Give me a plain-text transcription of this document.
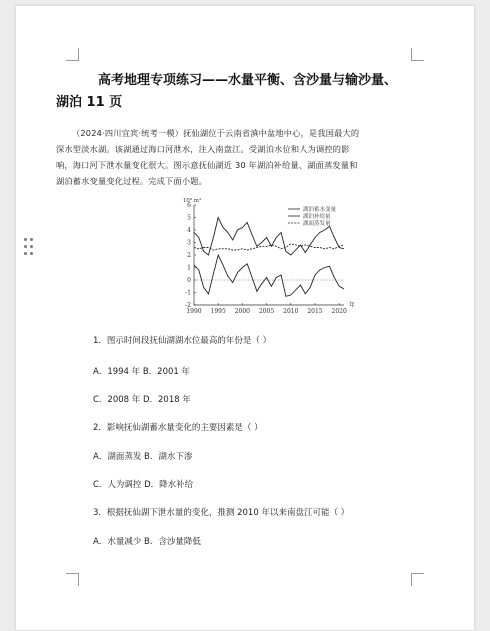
高考地理专项练习——水量平衡、含沙量与输沙量、
湖泊 11 页
（2024·四川宜宾·统考一模）抚仙湖位于云南省滇中盆地中心，是我国最大的
深水型淡水湖。该湖通过海口河泄水，注入南盘江。受湖泊水位和人为调控的影
响，海口河下泄水量变化很大。图示意抚仙湖近 30 年湖泊补给量、湖面蒸发量和
湖泊蓄水变量变化过程。完成下面小题。
-2
-1
0
1
2
3
4
5
6
1990 1995 2000 2005 2010 2015 2020
10⁸ m³
年
湖泊蓄水变量
湖泊补给量
湖面蒸发量
1．图示时间段抚仙湖湖水位最高的年份是（ ）
A．1994 年 B．2001 年
C．2008 年 D．2018 年
2．影响抚仙湖蓄水量变化的主要因素是（ ）
A．湖面蒸发 B．湖水下渗
C．人为调控 D．降水补给
3．根据抚仙湖下泄水量的变化，推测 2010 年以来南盘江可能（ ）
A．水量减少 B．含沙量降低
